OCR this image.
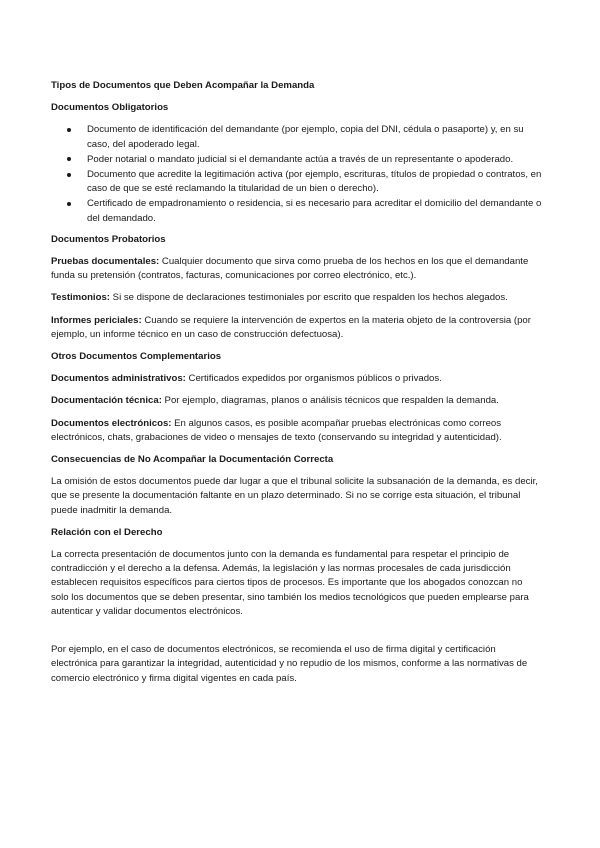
Tipos de Documentos que Deben Acompañar la Demanda
Documentos Obligatorios
Documento de identificación del demandante (por ejemplo, copia del DNI, cédula o pasaporte) y, en su caso, del apoderado legal.
Poder notarial o mandato judicial si el demandante actúa a través de un representante o apoderado.
Documento que acredite la legitimación activa (por ejemplo, escrituras, títulos de propiedad o contratos, en caso de que se esté reclamando la titularidad de un bien o derecho).
Certificado de empadronamiento o residencia, si es necesario para acreditar el domicilio del demandante o del demandado.
Documentos Probatorios

Pruebas documentales: Cualquier documento que sirva como prueba de los hechos en los que el demandante funda su pretensión (contratos, facturas, comunicaciones por correo electrónico, etc.).

Testimonios: Si se dispone de declaraciones testimoniales por escrito que respalden los hechos alegados.

Informes periciales: Cuando se requiere la intervención de expertos en la materia objeto de la controversia (por ejemplo, un informe técnico en un caso de construcción defectuosa).

Otros Documentos Complementarios

Documentos administrativos: Certificados expedidos por organismos públicos o privados.

Documentación técnica: Por ejemplo, diagramas, planos o análisis técnicos que respalden la demanda.

Documentos electrónicos: En algunos casos, es posible acompañar pruebas electrónicas como correos electrónicos, chats, grabaciones de video o mensajes de texto (conservando su integridad y autenticidad).

Consecuencias de No Acompañar la Documentación Correcta

La omisión de estos documentos puede dar lugar a que el tribunal solicite la subsanación de la demanda, es decir, que se presente la documentación faltante en un plazo determinado. Si no se corrige esta situación, el tribunal puede inadmitir la demanda.

Relación con el Derecho

La correcta presentación de documentos junto con la demanda es fundamental para respetar el principio de contradicción y el derecho a la defensa. Además, la legislación y las normas procesales de cada jurisdicción establecen requisitos específicos para ciertos tipos de procesos. Es importante que los abogados conozcan no solo los documentos que se deben presentar, sino también los medios tecnológicos que pueden emplearse para autenticar y validar documentos electrónicos.

Por ejemplo, en el caso de documentos electrónicos, se recomienda el uso de firma digital y certificación electrónica para garantizar la integridad, autenticidad y no repudio de los mismos, conforme a las normativas de comercio electrónico y firma digital vigentes en cada país.
